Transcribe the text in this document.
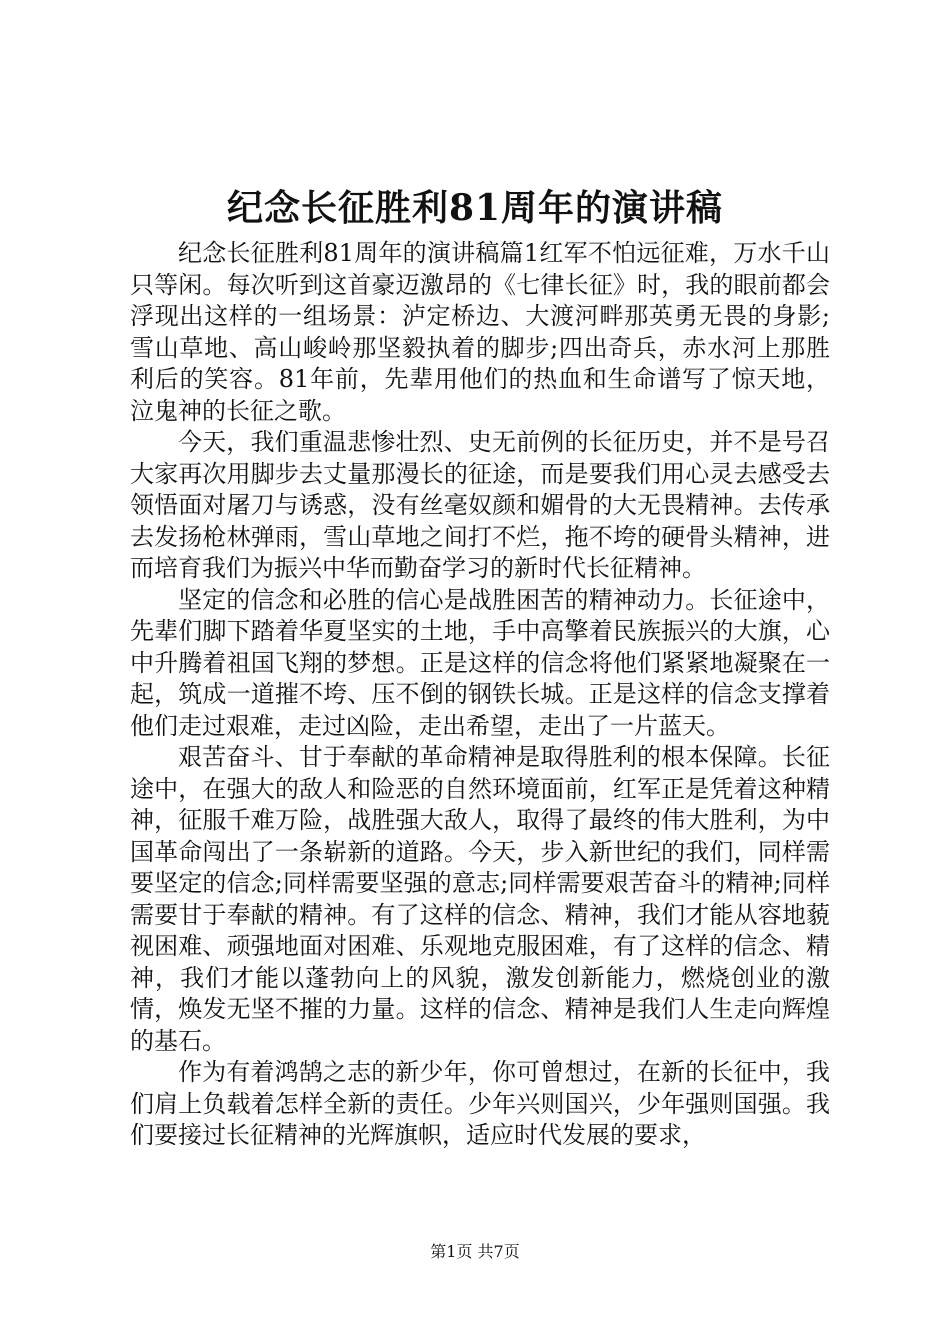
纪念长征胜利81周年的演讲稿

纪念长征胜利81周年的演讲稿篇1红军不怕远征难，万水千山只等闲。每次听到这首豪迈激昂的《七律长征》时，我的眼前都会浮现出这样的一组场景：泸定桥边、大渡河畔那英勇无畏的身影;雪山草地、高山峻岭那坚毅执着的脚步;四出奇兵，赤水河上那胜利后的笑容。81年前，先辈用他们的热血和生命谱写了惊天地，泣鬼神的长征之歌。

今天，我们重温悲惨壮烈、史无前例的长征历史，并不是号召大家再次用脚步去丈量那漫长的征途，而是要我们用心灵去感受去领悟面对屠刀与诱惑，没有丝毫奴颜和媚骨的大无畏精神。去传承去发扬枪林弹雨，雪山草地之间打不烂，拖不垮的硬骨头精神，进而培育我们为振兴中华而勤奋学习的新时代长征精神。

坚定的信念和必胜的信心是战胜困苦的精神动力。长征途中，先辈们脚下踏着华夏坚实的土地，手中高擎着民族振兴的大旗，心中升腾着祖国飞翔的梦想。正是这样的信念将他们紧紧地凝聚在一起，筑成一道摧不垮、压不倒的钢铁长城。正是这样的信念支撑着他们走过艰难，走过凶险，走出希望，走出了一片蓝天。

艰苦奋斗、甘于奉献的革命精神是取得胜利的根本保障。长征途中，在强大的敌人和险恶的自然环境面前，红军正是凭着这种精神，征服千难万险，战胜强大敌人，取得了最终的伟大胜利，为中国革命闯出了一条崭新的道路。今天，步入新世纪的我们，同样需要坚定的信念;同样需要坚强的意志;同样需要艰苦奋斗的精神;同样需要甘于奉献的精神。有了这样的信念、精神，我们才能从容地藐视困难、顽强地面对困难、乐观地克服困难，有了这样的信念、精神，我们才能以蓬勃向上的风貌，激发创新能力，燃烧创业的激情，焕发无坚不摧的力量。这样的信念、精神是我们人生走向辉煌的基石。

作为有着鸿鹄之志的新少年，你可曾想过，在新的长征中，我们肩上负载着怎样全新的责任。少年兴则国兴，少年强则国强。我们要接过长征精神的光辉旗帜，适应时代发展的要求，

第1页 共7页
